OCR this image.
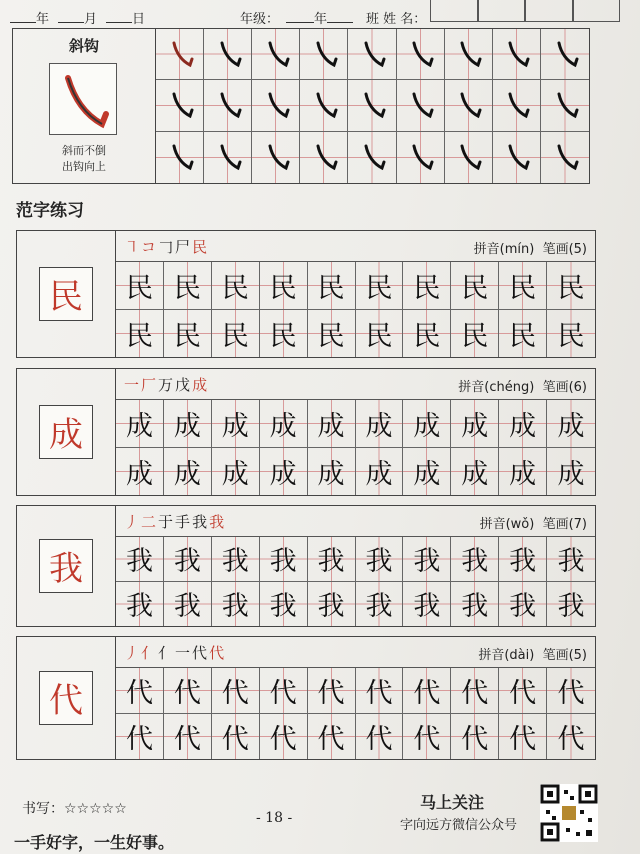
年	月	日	年级：	年	班 姓 名：
斜钩
斜而不倒
出钩向上
范字练习
民
㇕コ𠃌尸民	拼音(mín) 笔画(5)
民 民 民 民 民 民 民 民 民 民
民 民 民 民 民 民 民 民 民 民
成
一厂万戊成	拼音(chéng) 笔画(6)
成 成 成 成 成 成 成 成 成 成
成 成 成 成 成 成 成 成 成 成
我
丿二于手我我	拼音(wǒ) 笔画(7)
我 我 我 我 我 我 我 我 我 我
我 我 我 我 我 我 我 我 我 我
代
丿亻亻一代代	拼音(dài) 笔画(5)
代 代 代 代 代 代 代 代 代 代
代 代 代 代 代 代 代 代 代 代
书写：☆☆☆☆☆
- 18 -
马上关注
字向远方微信公众号
一手好字，一生好事。
